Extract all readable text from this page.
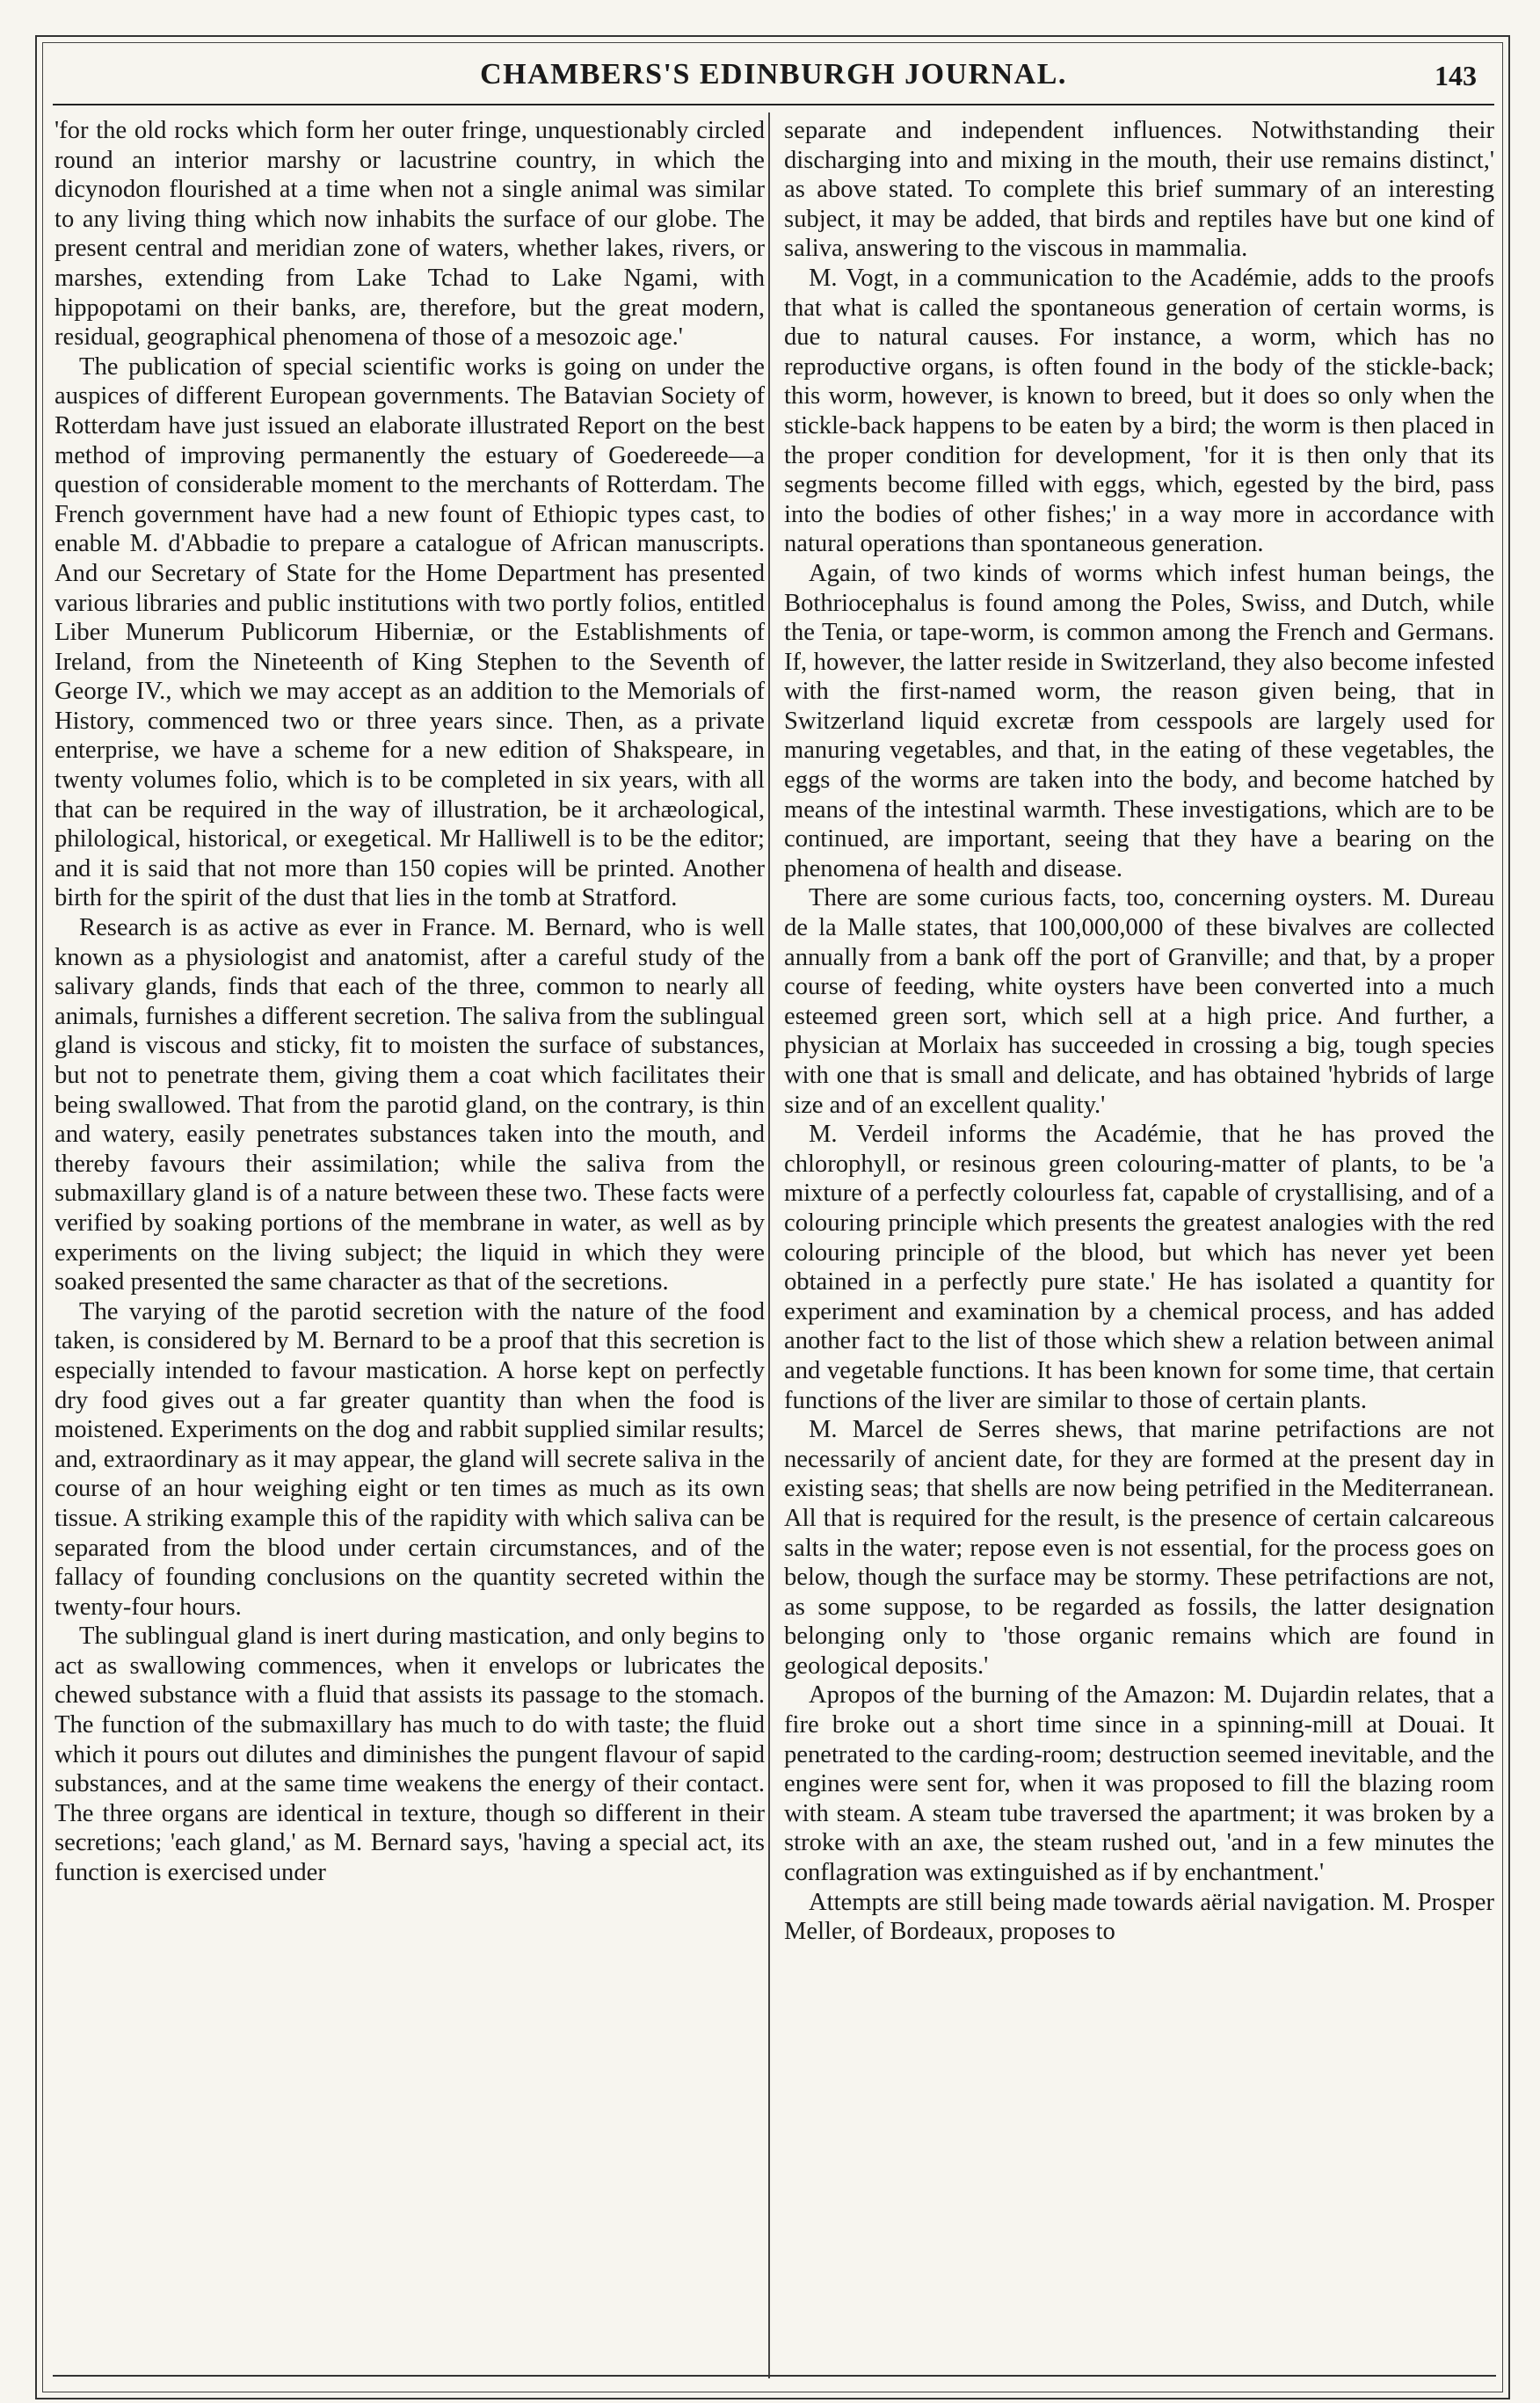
CHAMBERS'S EDINBURGH JOURNAL.	143

'for the old rocks which form her outer fringe, unquestionably circled round an interior marshy or lacustrine country, in which the dicynodon flourished at a time when not a single animal was similar to any living thing which now inhabits the surface of our globe. The present central and meridian zone of waters, whether lakes, rivers, or marshes, extending from Lake Tchad to Lake Ngami, with hippopotami on their banks, are, therefore, but the great modern, residual, geographical phenomena of those of a mesozoic age.'

The publication of special scientific works is going on under the auspices of different European governments. The Batavian Society of Rotterdam have just issued an elaborate illustrated Report on the best method of improving permanently the estuary of Goedereede—a question of considerable moment to the merchants of Rotterdam. The French government have had a new fount of Ethiopic types cast, to enable M. d'Abbadie to prepare a catalogue of African manuscripts. And our Secretary of State for the Home Department has presented various libraries and public institutions with two portly folios, entitled Liber Munerum Publicorum Hiberniæ, or the Establishments of Ireland, from the Nineteenth of King Stephen to the Seventh of George IV., which we may accept as an addition to the Memorials of History, commenced two or three years since. Then, as a private enterprise, we have a scheme for a new edition of Shakspeare, in twenty volumes folio, which is to be completed in six years, with all that can be required in the way of illustration, be it archæological, philological, historical, or exegetical. Mr Halliwell is to be the editor; and it is said that not more than 150 copies will be printed. Another birth for the spirit of the dust that lies in the tomb at Stratford.

Research is as active as ever in France. M. Bernard, who is well known as a physiologist and anatomist, after a careful study of the salivary glands, finds that each of the three, common to nearly all animals, furnishes a different secretion. The saliva from the sublingual gland is viscous and sticky, fit to moisten the surface of substances, but not to penetrate them, giving them a coat which facilitates their being swallowed. That from the parotid gland, on the contrary, is thin and watery, easily penetrates substances taken into the mouth, and thereby favours their assimilation; while the saliva from the submaxillary gland is of a nature between these two. These facts were verified by soaking portions of the membrane in water, as well as by experiments on the living subject; the liquid in which they were soaked presented the same character as that of the secretions.

The varying of the parotid secretion with the nature of the food taken, is considered by M. Bernard to be a proof that this secretion is especially intended to favour mastication. A horse kept on perfectly dry food gives out a far greater quantity than when the food is moistened. Experiments on the dog and rabbit supplied similar results; and, extraordinary as it may appear, the gland will secrete saliva in the course of an hour weighing eight or ten times as much as its own tissue. A striking example this of the rapidity with which saliva can be separated from the blood under certain circumstances, and of the fallacy of founding conclusions on the quantity secreted within the twenty-four hours.

The sublingual gland is inert during mastication, and only begins to act as swallowing commences, when it envelops or lubricates the chewed substance with a fluid that assists its passage to the stomach. The function of the submaxillary has much to do with taste; the fluid which it pours out dilutes and diminishes the pungent flavour of sapid substances, and at the same time weakens the energy of their contact. The three organs are identical in texture, though so different in their secretions; 'each gland,' as M. Bernard says, 'having a special act, its function is exercised under

separate and independent influences. Notwithstanding their discharging into and mixing in the mouth, their use remains distinct,' as above stated. To complete this brief summary of an interesting subject, it may be added, that birds and reptiles have but one kind of saliva, answering to the viscous in mammalia.

M. Vogt, in a communication to the Académie, adds to the proofs that what is called the spontaneous generation of certain worms, is due to natural causes. For instance, a worm, which has no reproductive organs, is often found in the body of the stickle-back; this worm, however, is known to breed, but it does so only when the stickle-back happens to be eaten by a bird; the worm is then placed in the proper condition for development, 'for it is then only that its segments become filled with eggs, which, egested by the bird, pass into the bodies of other fishes;' in a way more in accordance with natural operations than spontaneous generation.

Again, of two kinds of worms which infest human beings, the Bothriocephalus is found among the Poles, Swiss, and Dutch, while the Tenia, or tape-worm, is common among the French and Germans. If, however, the latter reside in Switzerland, they also become infested with the first-named worm, the reason given being, that in Switzerland liquid excretæ from cesspools are largely used for manuring vegetables, and that, in the eating of these vegetables, the eggs of the worms are taken into the body, and become hatched by means of the intestinal warmth. These investigations, which are to be continued, are important, seeing that they have a bearing on the phenomena of health and disease.

There are some curious facts, too, concerning oysters. M. Dureau de la Malle states, that 100,000,000 of these bivalves are collected annually from a bank off the port of Granville; and that, by a proper course of feeding, white oysters have been converted into a much esteemed green sort, which sell at a high price. And further, a physician at Morlaix has succeeded in crossing a big, tough species with one that is small and delicate, and has obtained 'hybrids of large size and of an excellent quality.'

M. Verdeil informs the Académie, that he has proved the chlorophyll, or resinous green colouring-matter of plants, to be 'a mixture of a perfectly colourless fat, capable of crystallising, and of a colouring principle which presents the greatest analogies with the red colouring principle of the blood, but which has never yet been obtained in a perfectly pure state.' He has isolated a quantity for experiment and examination by a chemical process, and has added another fact to the list of those which shew a relation between animal and vegetable functions. It has been known for some time, that certain functions of the liver are similar to those of certain plants.

M. Marcel de Serres shews, that marine petrifactions are not necessarily of ancient date, for they are formed at the present day in existing seas; that shells are now being petrified in the Mediterranean. All that is required for the result, is the presence of certain calcareous salts in the water; repose even is not essential, for the process goes on below, though the surface may be stormy. These petrifactions are not, as some suppose, to be regarded as fossils, the latter designation belonging only to 'those organic remains which are found in geological deposits.'

Apropos of the burning of the Amazon: M. Dujardin relates, that a fire broke out a short time since in a spinning-mill at Douai. It penetrated to the carding-room; destruction seemed inevitable, and the engines were sent for, when it was proposed to fill the blazing room with steam. A steam tube traversed the apartment; it was broken by a stroke with an axe, the steam rushed out, 'and in a few minutes the conflagration was extinguished as if by enchantment.'

Attempts are still being made towards aërial navigation. M. Prosper Meller, of Bordeaux, proposes to
